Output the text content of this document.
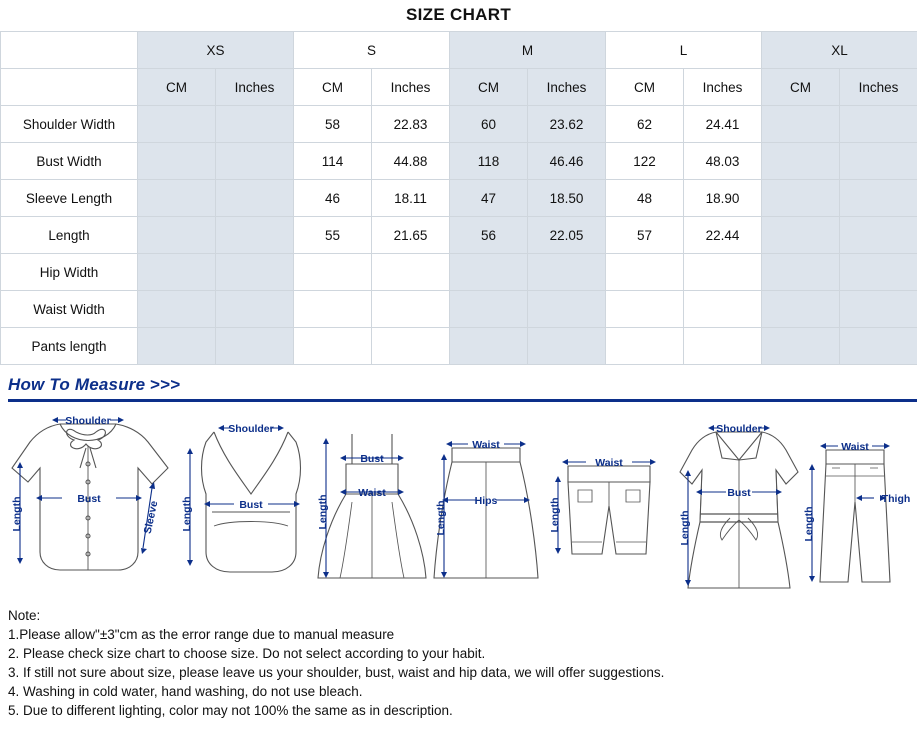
SIZE CHART
	XS		S		M		L		XL	
	CM	Inches	CM	Inches	CM	Inches	CM	Inches	CM	Inches
Shoulder Width			58	22.83	60	23.62	62	24.41		
Bust Width			114	44.88	118	46.46	122	48.03		
Sleeve Length			46	18.11	47	18.50	48	18.90		
Length			55	21.65	56	22.05	57	22.44		
Hip Width										
Waist Width										
Pants length										
How To Measure >>>
Shoulder
Bust
Length	Sleeve
Shoulder
Bust
Length
Bust
Waist
Length
Waist
Hips
Length
Waist
Length
Shoulder
Bust
Length
Waist
Thigh
Length
Note:
1.Please allow"±3"cm as the error range due to manual measure
2. Please check size chart to choose size. Do not select according to your habit.
3. If still not sure about size, please leave us your shoulder, bust, waist and hip data, we will offer suggestions.
4. Washing in cold water, hand washing, do not use bleach.
5. Due to different lighting, color may not 100% the same as in description.
